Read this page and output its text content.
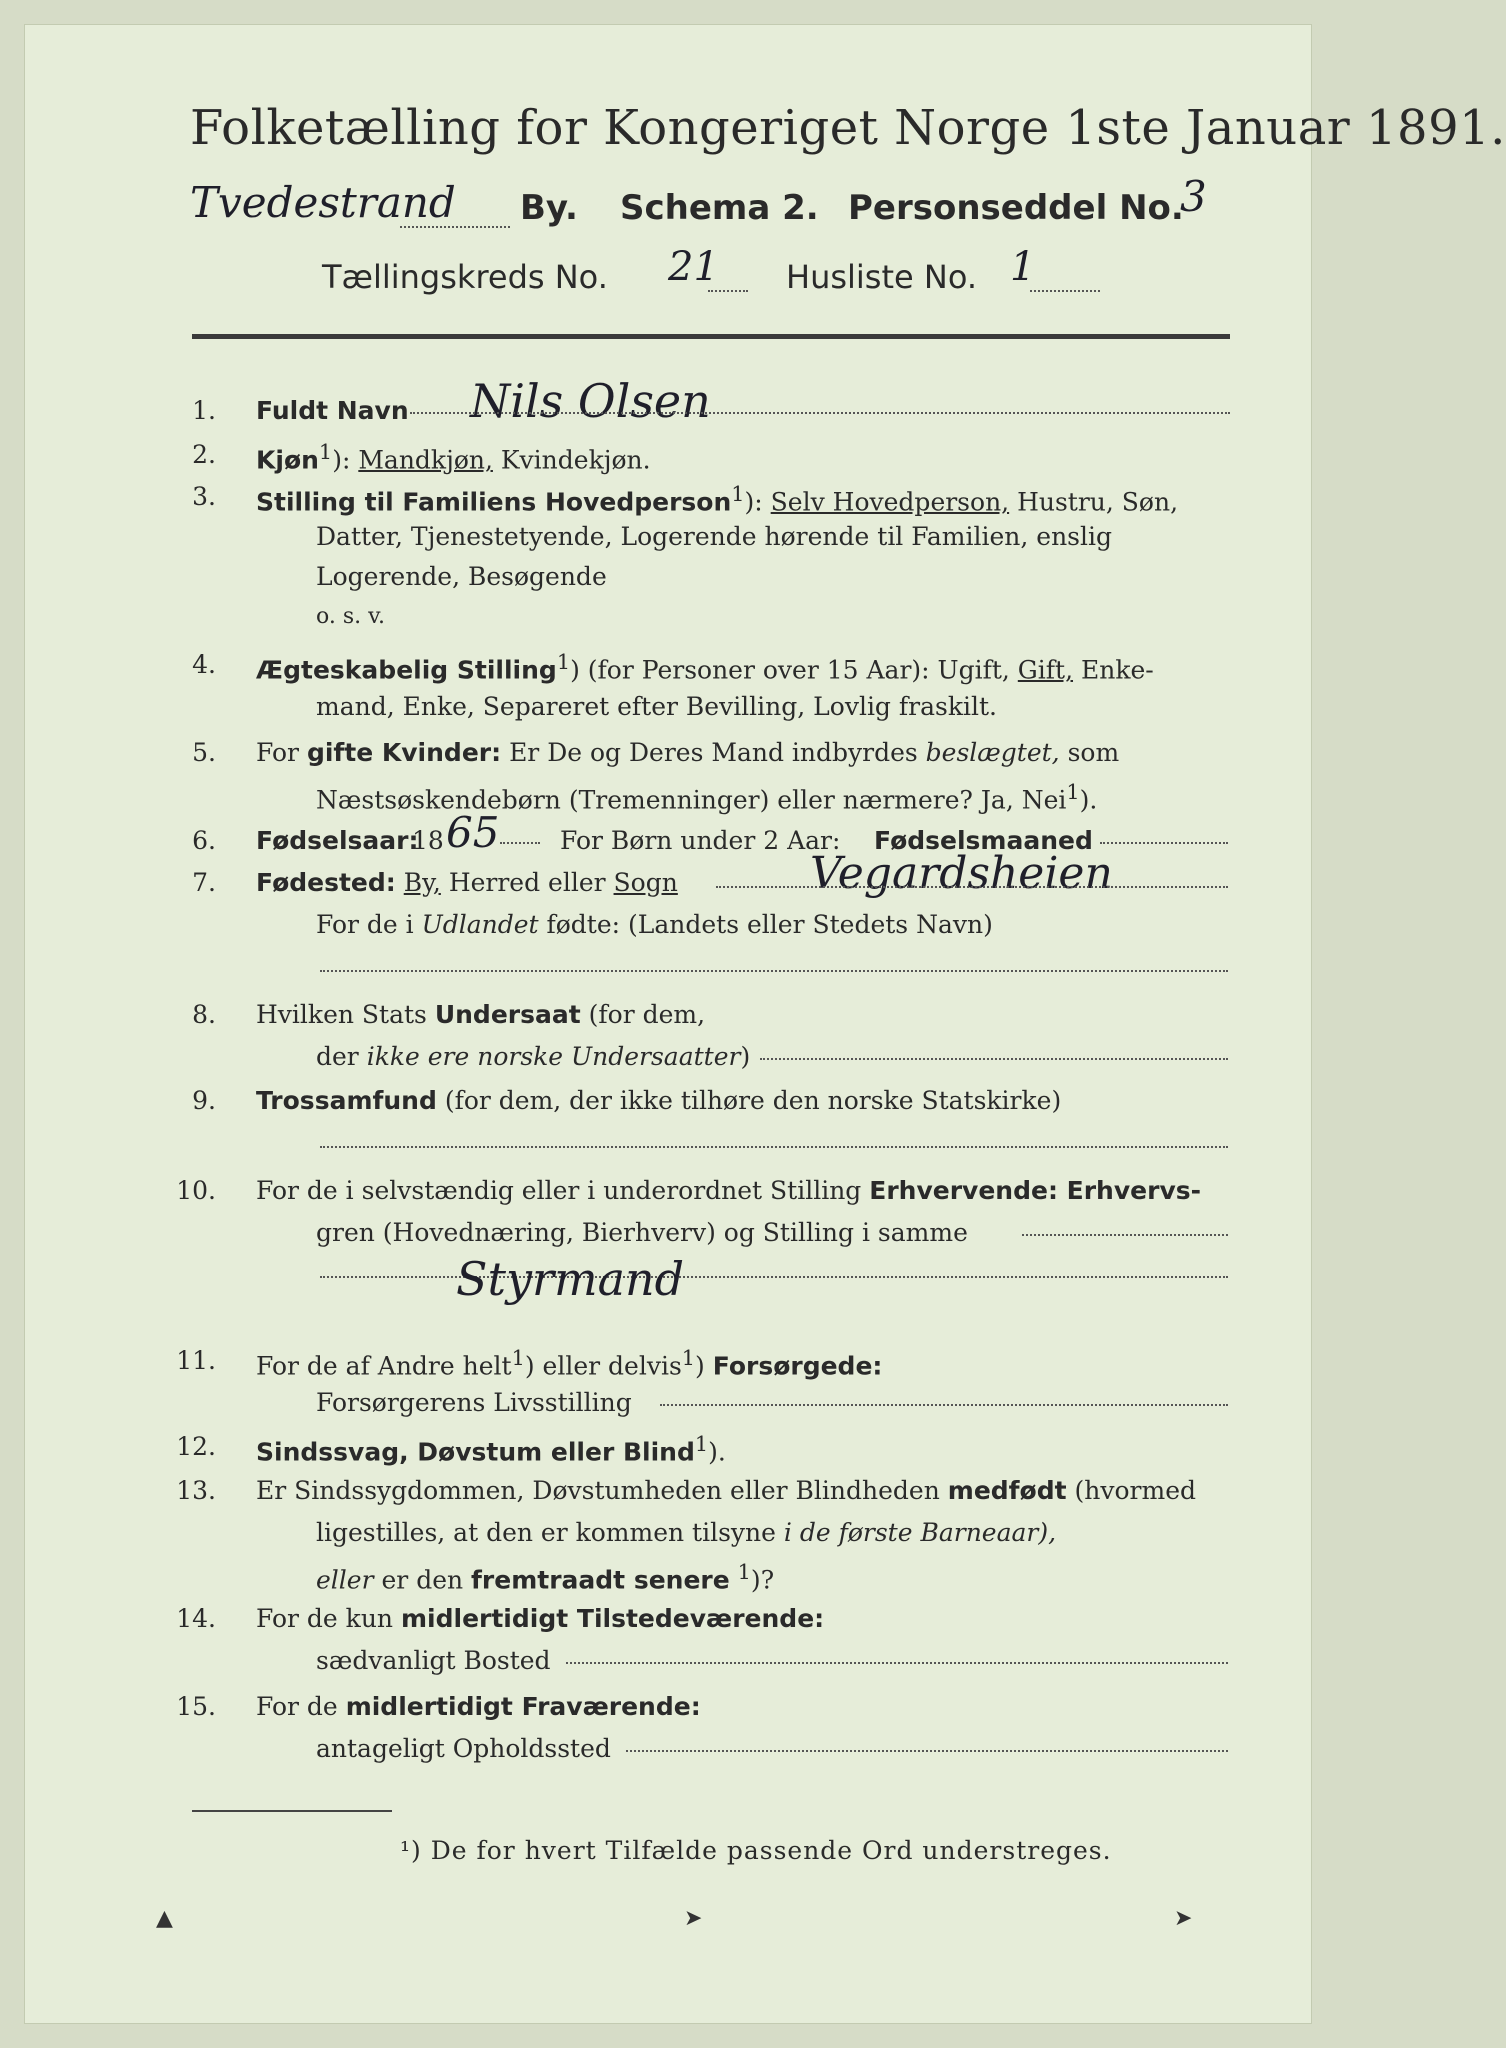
Folketælling for Kongeriget Norge 1ste Januar 1891.
Tvedestrand By. Schema 2. Personseddel No.
3
Tællingskreds No. 21 Husliste No. 1
1. Fuldt Navn Nils Olsen
2. Kjøn$^1$): Mandkjøn, Kvindekjøn.
3. Stilling til Familiens Hovedperson$^1$): Selv Hovedperson, Hustru, Søn,
Datter, Tjenestetyende, Logerende hørende til Familien, enslig
Logerende, Besøgende
o. s. v.
4. Ægteskabelig Stilling$^1$) (for Personer over 15 Aar): Ugift, Gift, Enke-
mand, Enke, Separeret efter Bevilling, Lovlig fraskilt.
5. For gifte Kvinder: Er De og Deres Mand indbyrdes beslægtet, som
Næstsøskendebørn (Tremenninger) eller nærmere? Ja, Nei$^1$).
6. Fødselsaar:
18 65 For Børn under 2 Aar: Fødselsmaaned
7. Fødested: By, Herred eller Sogn	Vegardsheien
For de i Udlandet fødte: (Landets eller Stedets Navn)
8. Hvilken Stats Undersaat (for dem,
der ikke ere norske Undersaatter)
9. Trossamfund (for dem, der ikke tilhøre den norske Statskirke)
10. For de i selvstændig eller i underordnet Stilling Erhvervende: Erhvervs-
gren (Hovednæring, Bierhverv) og Stilling i samme
Styrmand
11. For de af Andre helt$^1$) eller delvis$^1$) Forsørgede:
Forsørgerens Livsstilling
12. Sindssvag, Døvstum eller Blind$^1$).
13. Er Sindssygdommen, Døvstumheden eller Blindheden medfødt (hvormed
ligestilles, at den er kommen tilsyne i de første Barneaar),
eller er den fremtraadt senere $^1$)?
14. For de kun midlertidigt Tilstedeværende:
sædvanligt Bosted
15. For de midlertidigt Fraværende:
antageligt Opholdssted
¹) De for hvert Tilfælde passende Ord understreges.
▲	➤	➤
